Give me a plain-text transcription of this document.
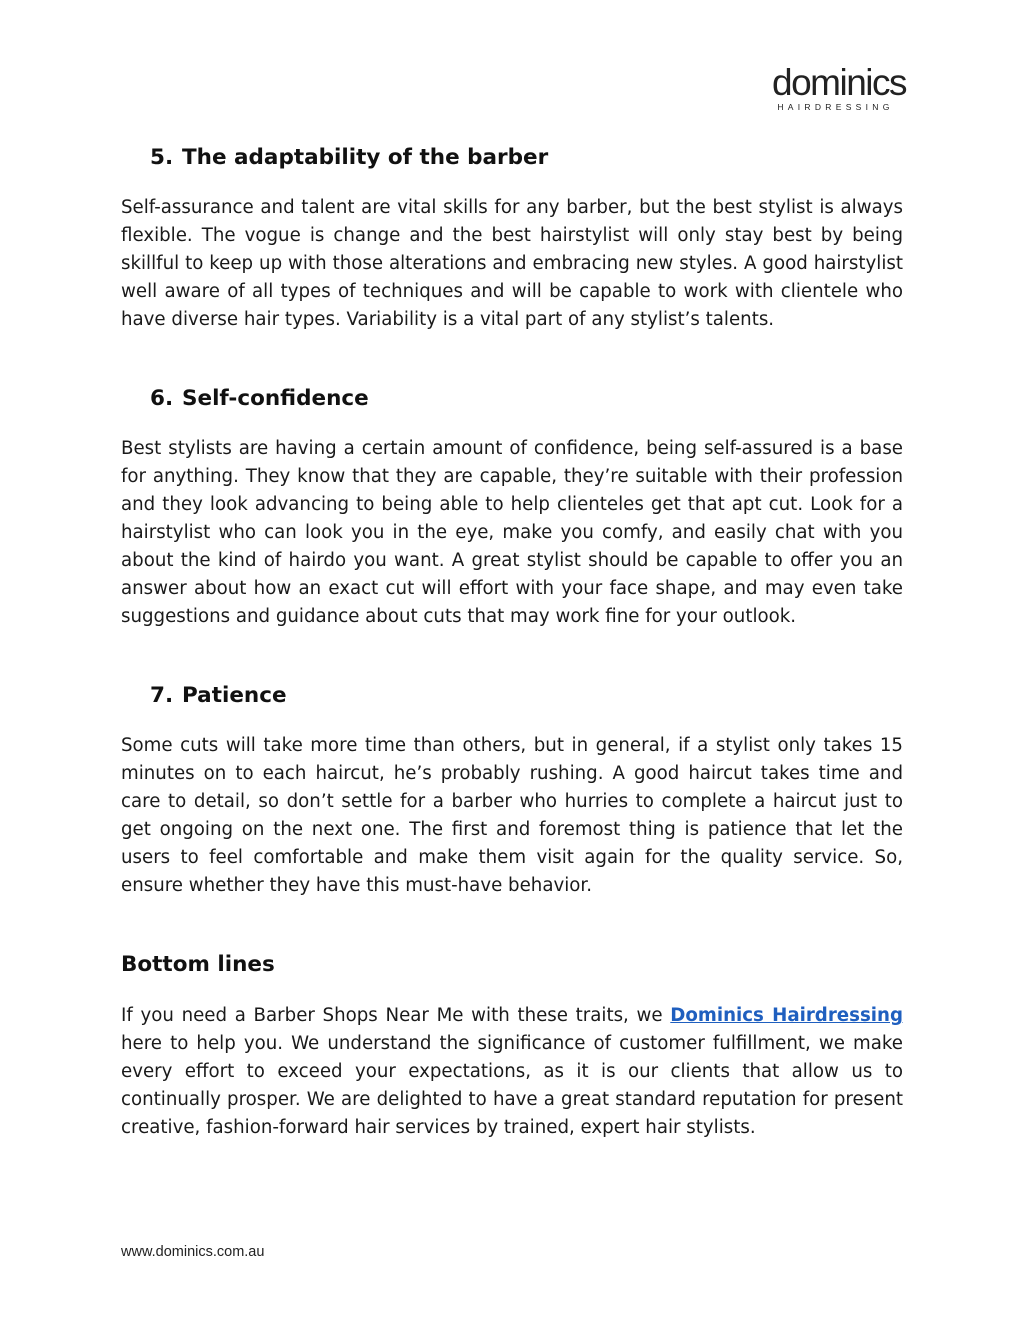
dominics
HAIRDRESSING
5. The adaptability of the barber

Self-assurance and talent are vital skills for any barber, but the best stylist is always flexible. The vogue is change and the best hairstylist will only stay best by being skillful to keep up with those alterations and embracing new styles. A good hairstylist well aware of all types of techniques and will be capable to work with clientele who have diverse hair types. Variability is a vital part of any stylist’s talents.

6. Self-confidence

Best stylists are having a certain amount of confidence, being self-assured is a base for anything. They know that they are capable, they’re suitable with their profession and they look advancing to being able to help clienteles get that apt cut. Look for a hairstylist who can look you in the eye, make you comfy, and easily chat with you about the kind of hairdo you want. A great stylist should be capable to offer you an answer about how an exact cut will effort with your face shape, and may even take suggestions and guidance about cuts that may work fine for your outlook.

7. Patience

Some cuts will take more time than others, but in general, if a stylist only takes 15 minutes on to each haircut, he’s probably rushing. A good haircut takes time and care to detail, so don’t settle for a barber who hurries to complete a haircut just to get ongoing on the next one. The first and foremost thing is patience that let the users to feel comfortable and make them visit again for the quality service. So, ensure whether they have this must-have behavior.

Bottom lines

If you need a Barber Shops Near Me with these traits, we Dominics Hairdressing here to help you. We understand the significance of customer fulfillment, we make every effort to exceed your expectations, as it is our clients that allow us to continually prosper. We are delighted to have a great standard reputation for present creative, fashion-forward hair services by trained, expert hair stylists.

www.dominics.com.au
